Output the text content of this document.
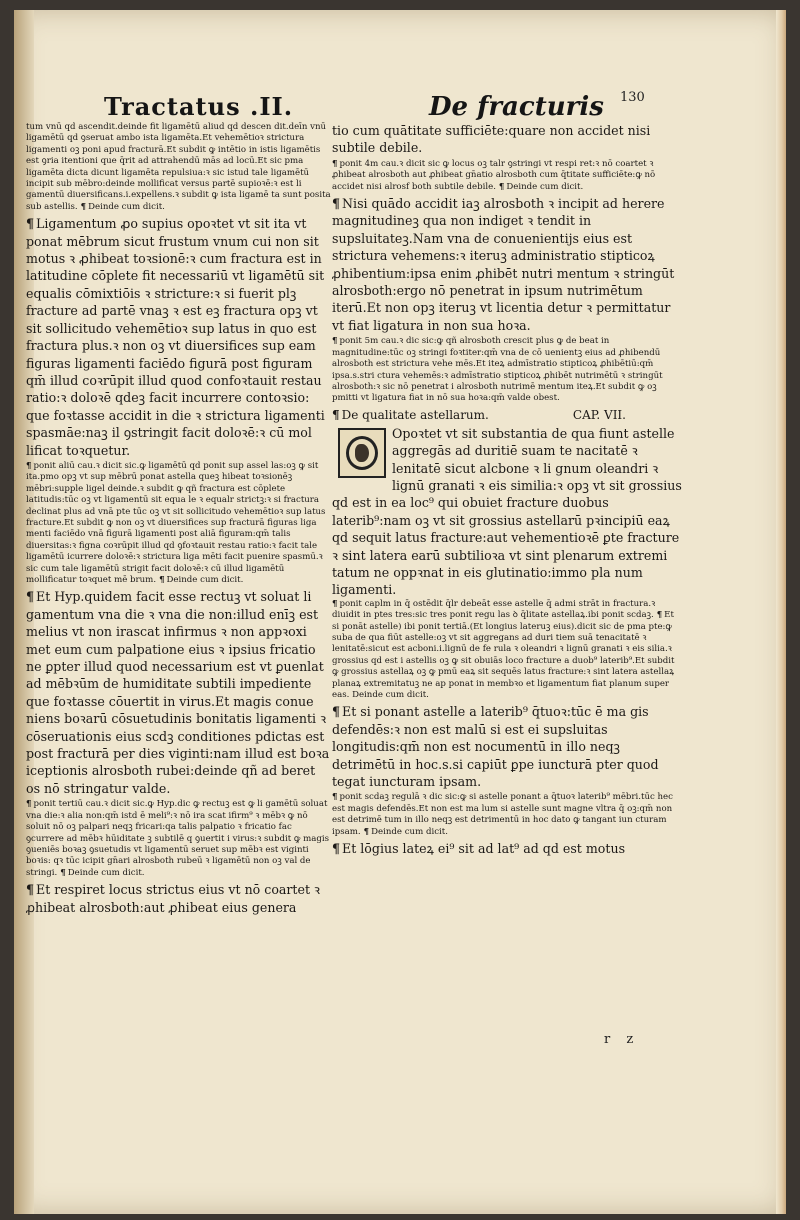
Tractatus .II.	De fracturis 130
tum vnū qd ascendit.deinde fit ligamētū aliud qd descen dit.deīn vnū ligamētū qd ꝯseruat ambo ista ligamēta.Et vehemētioꝛ strictura ligamenti oꝫ poni apud fracturā.Et subdit ꝙ intētio in istis ligamētis est ꝯria itentioni que q̄rit ad attrahendū mās ad locū.Et sic pma ligamēta dicta dicunt ligamēta repulsiua:ꝛ sic istud tale ligamētū incipit sub mēbro:deinde mollificat versus partē supioꝛē:ꝛ est li gamentū diuersificans.i.expellens.ꝛ subdit ꝙ ista ligamē ta sunt posita sub astellis. ¶ Deinde cum dicit.
¶ Ligamentum ꝓo supius opoꝛtet vt sit ita vt ponat mēbrum sicut frustum vnum cui non sit motus ꝛ ꝓhibeat toꝛsionē:ꝛ cum fractura est in latitudine cōplete fit necessariū vt ligamētū sit equalis cōmixtiōis ꝛ stricture:ꝛ si fuerit plꝫ fracture ad partē vnaꝫ ꝛ est eꝫ fractura opꝫ vt sit sollicitudo vehemētioꝛ sup latus in quo est fractura plus.ꝛ non oꝫ vt diuersifices sup eam figuras ligamenti faciēdo figurā post figuram qm̄ illud coꝛrūpit illud quod confoꝛtauit restau ratio:ꝛ doloꝛē qdeꝫ facit incurrere contoꝛsio: que foꝛtasse accidit in die ꝛ strictura ligamenti spasmāe:naꝫ il ꝯstringit facit doloꝛē:ꝛ cū mol lificat toꝛquetur.
¶ ponit aliū cau.ꝛ dicit sic.ꝙ ligamētū qd ponit sup assel las:oꝫ ꝙ sit ita.pmo opꝫ vt sup mēbrū ponat astella queꝫ hibeat toꝛsionēꝫ mēbri:supple ligel deinde.ꝛ subdit ꝙ qñ fractura est cōplete latitudis:tūc oꝫ vt ligamentū sit equa le ꝛ equalr strictꝫ:ꝛ si fractura declinat plus ad vnā pte tūc oꝫ vt sit sollicitudo vehemētioꝛ sup latus fracture.Et subdit ꝙ non oꝫ vt diuersifices sup fracturā figuras liga menti faciēdo vnā figurā ligamenti post aliā figuram:qm̄ talis diuersitas:ꝛ figna coꝛrūpit illud qd ꝯfoꝛtauit restau ratio:ꝛ facit tale ligamētū icurrere doloꝛē:ꝛ strictura liga mēti facit puenire spasmū.ꝛ sic cum tale ligamētū strigit facit doloꝛē:ꝛ cū illud ligamētū mollificatur toꝛquet mē brum. ¶ Deinde cum dicit.
¶ Et Hyp.quidem facit esse rectuꝫ vt soluat li gamentum vna die ꝛ vna die non:illud enīꝫ est melius vt non irascat infirmus ꝛ non appꝛoxi met eum cum palpatione eius ꝛ ipsius fricatio ne ꝑpter illud quod necessarium est vt ꝑuenlat ad mēbꝛūm de humiditate subtili impediente que foꝛtasse cōuertit in virus.Et magis conue niens boꝛarū cōsuetudinis bonitatis ligamenti ꝛ cōseruationis eius scdꝫ conditiones pdictas est post fracturā per dies viginti:nam illud est boꝛa iceptionis alrosboth rubei:deinde qñ ad beret os nō stringatur valde.
¶ ponit tertiū cau.ꝛ dicit sic.ꝙ Hyp.dic ꝙ rectuꝫ est ꝙ li gamētū soluat vna die:ꝛ alia non:qm̄ istd ē meli⁹:ꝛ nō ira scat ifirm⁹ ꝛ mēbꝛ ꝙ nō soluit nō oꝫ palpari neqꝫ fricari:qa talis palpatio ꝛ fricatio fac ꝯcurrere ad mēbꝛ hūiditate ꝫ subtilē q ꝯuertit i virus:ꝛ subdit ꝙ magis ꝯueniēs boꝛaꝫ ꝯsuetudis vt ligamentū seruet sup mēbꝛ est viginti boꝛis: qꝛ tūc icipit gn̄ari alrosboth rubeū ꝛ ligamētū non oꝫ val de stringi. ¶ Deinde cum dicit.
¶ Et respiret locus strictus eius vt nō coartet ꝛ ꝓhibeat alrosboth:aut ꝓhibeat eius genera
tio cum quātitate sufficiēte:quare non accidet nisi subtile debile.
¶ ponit 4m cau.ꝛ dicit sic ꝙ locus oꝫ talr ꝯstringi vt respi ret:ꝛ nō coartet ꝛ ꝓhibeat alrosboth aut ꝓhibeat gn̄atio alrosboth cum q̄titate sufficiēte:ꝙ nō accidet nisi alrosf both subtile debile. ¶ Deinde cum dicit.
¶ Nisi quādo accidit iaꝫ alrosboth ꝛ incipit ad herere magnitudineꝫ qua non indiget ꝛ tendit in supsluitateꝫ.Nam vna de conuenientijs eius est strictura vehemens:ꝛ iteruꝫ administratio stipticoꝝ ꝓhibentium:ipsa enim ꝓhibēt nutri mentum ꝛ stringūt alrosboth:ergo nō penetrat in ipsum nutrimētum iterū.Et non opꝫ iteruꝫ vt licentia detur ꝛ permittatur vt fiat ligatura in non sua hoꝛa.
¶ ponit 5m cau.ꝛ dic sic:ꝙ qñ alrosboth crescit plus ꝙ de beat in magnitudine:tūc oꝫ stringi foꝛtiter:qm̄ vna de cō uenientꝫ eius ad ꝓhibendū alrosboth est strictura vehe mēs.Et iteꝝ admīstratio stipticoꝝ ꝓhibētiū:qm̄ ipsa.s.stri ctura vehemēs:ꝛ admīstratio stipticoꝝ ꝓhibēt nutrimētū ꝛ stringūt alrosboth:ꝛ sic nō penetrat i alrosboth nutrimē mentum iteꝝ.Et subdit ꝙ oꝫ pmitti vt ligatura fiat in nō sua hoꝛa:qm̄ valde obest.
¶ De qualitate astellarum.	CAP. VII.
Opoꝛtet vt sit substantia de qua fiunt astelle aggregās ad duritiē suam te nacitatē ꝛ lenitatē sicut alcbone ꝛ li gnum oleandri ꝛ lignū granati ꝛ eis similia:ꝛ opꝫ vt sit grossius qd est in ea loc⁹ qui obuiet fracture duobus laterib⁹:nam oꝫ vt sit grossius astellarū pꝛincipiū eaꝝ qd sequit latus fracture:aut vehementioꝛē ꝑte fracture ꝛ sint latera earū subtilioꝛa vt sint plenarum extremi tatum ne oppꝛnat in eis glutinatio:immo pla num ligamenti.
¶ ponit caplm in q̄ ostēdit q̄lr debeāt esse astelle q̄ admi strāt in fractura.ꝛ diuidit in ptes tres:sic tres ponit regu las ꝺ q̄litate astellaꝝ.ibi ponit scdaꝫ. ¶ Et si ponāt astelle) ibi ponit tertiā.(Et longius lateruꝫ eius).dicit sic de pma pte:ꝙ suba de qua fiūt astelle:oꝫ vt sit aggregans ad duri tiem suā tenacitatē ꝛ lenitatē:sicut est acboni.i.lignū de fe rula ꝛ oleandri ꝛ lignū granati ꝛ eis silia.ꝛ grossius qd est i astellis oꝫ ꝙ sit obuiās loco fracture a duob⁹ laterib⁹.Et subdit ꝙ grossius astellaꝝ oꝫ ꝙ pmū eaꝝ sit sequēs latus fracture:ꝛ sint latera astellaꝝ planaꝝ extremitatuꝫ ne ap ponat in membꝛo et ligamentum fiat planum super eas. Deinde cum dicit.
¶ Et si ponant astelle a laterib⁹ q̄tuoꝛ:tūc ē ma gis defendēs:ꝛ non est malū si est ei supsluitas longitudis:qm̄ non est nocumentū in illo neqꝫ detrimētū in hoc.s.si capiūt ꝑpe iuncturā pter quod tegat iuncturam ipsam.
¶ ponit scdaꝫ regulā ꝛ dic sic:ꝙ si astelle ponant a q̄tuoꝛ laterib⁹ mēbri.tūc hec est magis defendēs.Et non est ma lum si astelle sunt magne vltra q̄ oꝫ:qm̄ non est detrimē tum in illo neqꝫ est detrimentū in hoc dato ꝙ tangant iun cturam ipsam. ¶ Deinde cum dicit.
¶ Et lōgius lateꝝ ei⁹ sit ad lat⁹ ad qd est motus
r z
